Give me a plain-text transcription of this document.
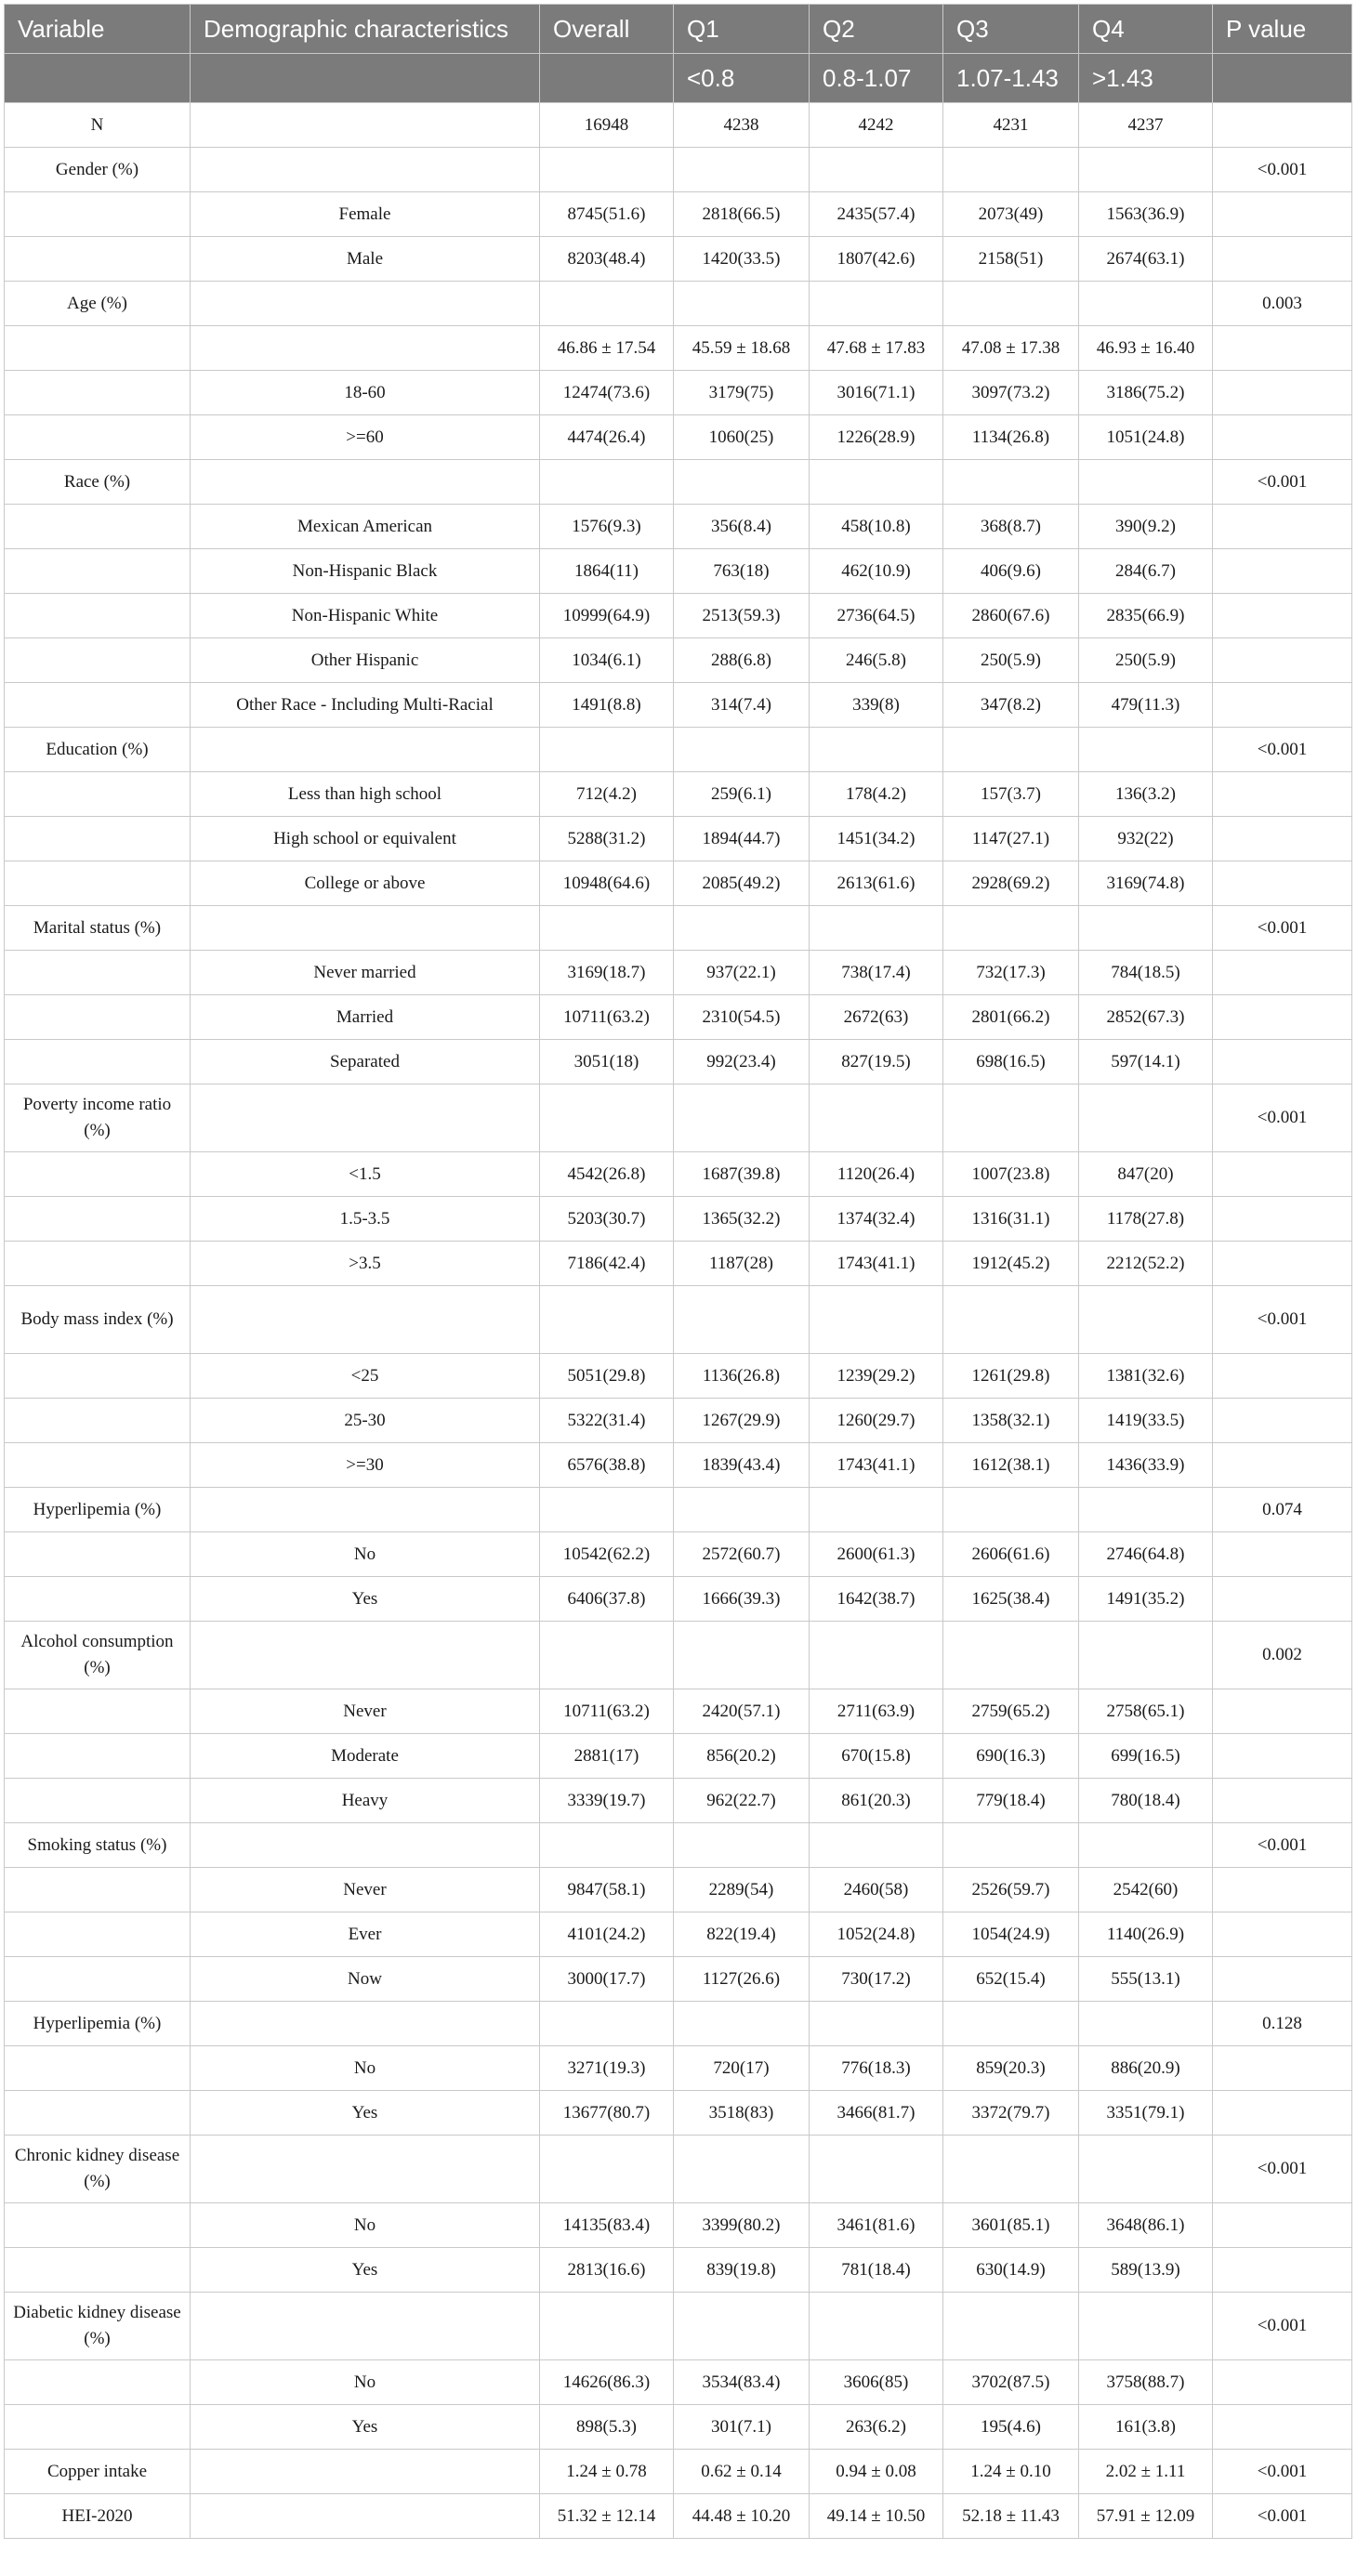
Variable	Demographic characteristics	Overall	Q1	Q2	Q3	Q4	P value
			<0.8	0.8-1.07	1.07-1.43	>1.43	
N		16948	4238	4242	4231	4237	
Gender (%)							<0.001
	Female	8745(51.6)	2818(66.5)	2435(57.4)	2073(49)	1563(36.9)	
	Male	8203(48.4)	1420(33.5)	1807(42.6)	2158(51)	2674(63.1)	
Age (%)							0.003
		46.86 ± 17.54	45.59 ± 18.68	47.68 ± 17.83	47.08 ± 17.38	46.93 ± 16.40	
	18-60	12474(73.6)	3179(75)	3016(71.1)	3097(73.2)	3186(75.2)	
	>=60	4474(26.4)	1060(25)	1226(28.9)	1134(26.8)	1051(24.8)	
Race (%)							<0.001
	Mexican American	1576(9.3)	356(8.4)	458(10.8)	368(8.7)	390(9.2)	
	Non-Hispanic Black	1864(11)	763(18)	462(10.9)	406(9.6)	284(6.7)	
	Non-Hispanic White	10999(64.9)	2513(59.3)	2736(64.5)	2860(67.6)	2835(66.9)	
	Other Hispanic	1034(6.1)	288(6.8)	246(5.8)	250(5.9)	250(5.9)	
	Other Race - Including Multi-Racial	1491(8.8)	314(7.4)	339(8)	347(8.2)	479(11.3)	
Education (%)							<0.001
	Less than high school	712(4.2)	259(6.1)	178(4.2)	157(3.7)	136(3.2)	
	High school or equivalent	5288(31.2)	1894(44.7)	1451(34.2)	1147(27.1)	932(22)	
	College or above	10948(64.6)	2085(49.2)	2613(61.6)	2928(69.2)	3169(74.8)	
Marital status (%)							<0.001
	Never married	3169(18.7)	937(22.1)	738(17.4)	732(17.3)	784(18.5)	
	Married	10711(63.2)	2310(54.5)	2672(63)	2801(66.2)	2852(67.3)	
	Separated	3051(18)	992(23.4)	827(19.5)	698(16.5)	597(14.1)	
Poverty income ratio (%)							<0.001
	<1.5	4542(26.8)	1687(39.8)	1120(26.4)	1007(23.8)	847(20)	
	1.5-3.5	5203(30.7)	1365(32.2)	1374(32.4)	1316(31.1)	1178(27.8)	
	>3.5	7186(42.4)	1187(28)	1743(41.1)	1912(45.2)	2212(52.2)	
Body mass index (%)							<0.001
	<25	5051(29.8)	1136(26.8)	1239(29.2)	1261(29.8)	1381(32.6)	
	25-30	5322(31.4)	1267(29.9)	1260(29.7)	1358(32.1)	1419(33.5)	
	>=30	6576(38.8)	1839(43.4)	1743(41.1)	1612(38.1)	1436(33.9)	
Hyperlipemia (%)							0.074
	No	10542(62.2)	2572(60.7)	2600(61.3)	2606(61.6)	2746(64.8)	
	Yes	6406(37.8)	1666(39.3)	1642(38.7)	1625(38.4)	1491(35.2)	
Alcohol consumption (%)							0.002
	Never	10711(63.2)	2420(57.1)	2711(63.9)	2759(65.2)	2758(65.1)	
	Moderate	2881(17)	856(20.2)	670(15.8)	690(16.3)	699(16.5)	
	Heavy	3339(19.7)	962(22.7)	861(20.3)	779(18.4)	780(18.4)	
Smoking status (%)							<0.001
	Never	9847(58.1)	2289(54)	2460(58)	2526(59.7)	2542(60)	
	Ever	4101(24.2)	822(19.4)	1052(24.8)	1054(24.9)	1140(26.9)	
	Now	3000(17.7)	1127(26.6)	730(17.2)	652(15.4)	555(13.1)	
Hyperlipemia (%)							0.128
	No	3271(19.3)	720(17)	776(18.3)	859(20.3)	886(20.9)	
	Yes	13677(80.7)	3518(83)	3466(81.7)	3372(79.7)	3351(79.1)	
Chronic kidney disease (%)							<0.001
	No	14135(83.4)	3399(80.2)	3461(81.6)	3601(85.1)	3648(86.1)	
	Yes	2813(16.6)	839(19.8)	781(18.4)	630(14.9)	589(13.9)	
Diabetic kidney disease (%)							<0.001
	No	14626(86.3)	3534(83.4)	3606(85)	3702(87.5)	3758(88.7)	
	Yes	898(5.3)	301(7.1)	263(6.2)	195(4.6)	161(3.8)	
Copper intake		1.24 ± 0.78	0.62 ± 0.14	0.94 ± 0.08	1.24 ± 0.10	2.02 ± 1.11	<0.001
HEI-2020		51.32 ± 12.14	44.48 ± 10.20	49.14 ± 10.50	52.18 ± 11.43	57.91 ± 12.09	<0.001
